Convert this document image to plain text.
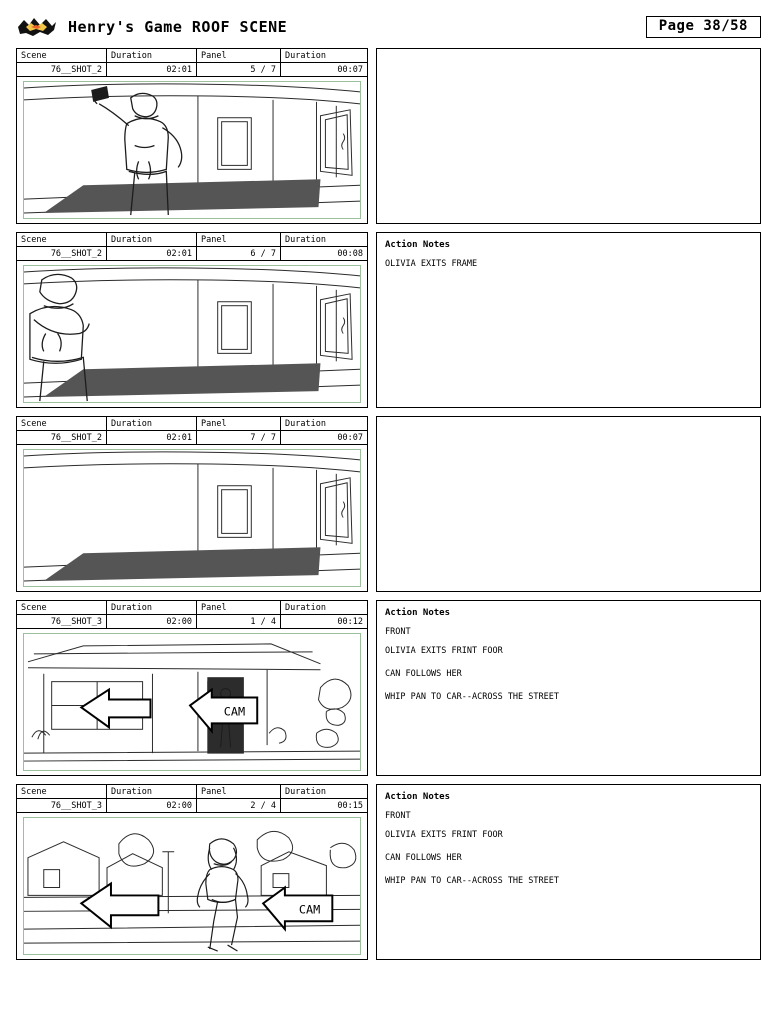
Henry's Game ROOF SCENE	Page 38/58
Scene	Duration	Panel	Duration
76__SHOT_2	02:01	5 / 7	00:07
Scene	Duration	Panel	Duration
76__SHOT_2	02:01	6 / 7	00:08
Action Notes
OLIVIA EXITS FRAME
Scene	Duration	Panel	Duration
76__SHOT_2	02:01	7 / 7	00:07
Scene	Duration	Panel	Duration
76__SHOT_3	02:00	1 / 4	00:12
CAM
Action Notes
FRONT
OLIVIA EXITS FRINT FOOR
CAN FOLLOWS HER
WHIP PAN TO CAR--ACROSS THE STREET
Scene	Duration	Panel	Duration
76__SHOT_3	02:00	2 / 4	00:15
CAM
Action Notes
FRONT
OLIVIA EXITS FRINT FOOR
CAN FOLLOWS HER
WHIP PAN TO CAR--ACROSS THE STREET
